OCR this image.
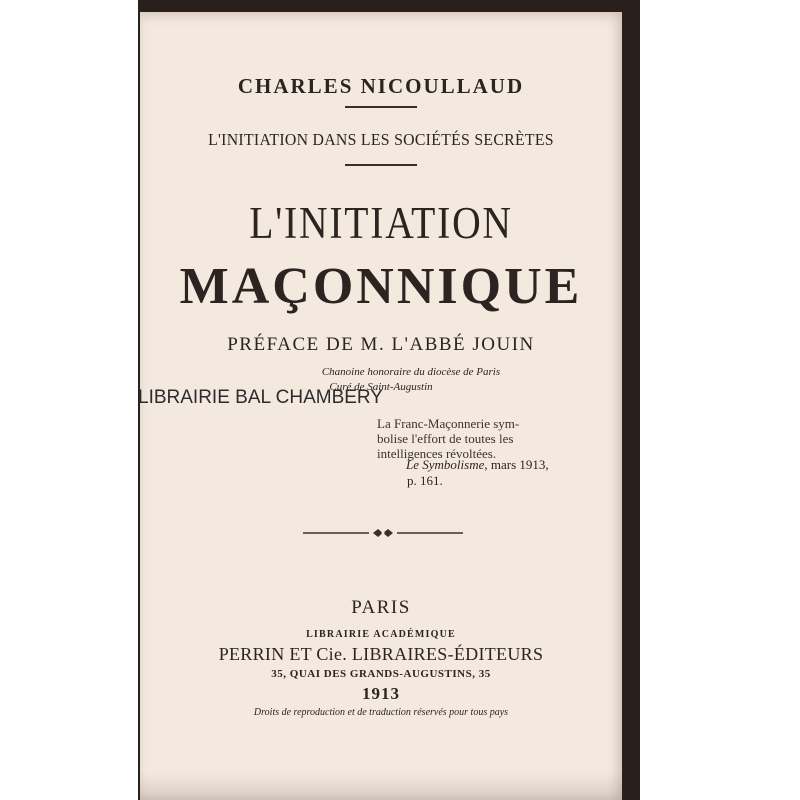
CHARLES NICOULLAUD
L'INITIATION DANS LES SOCIÉTÉS SECRÈTES
L'INITIATION
MAÇONNIQUE
PRÉFACE DE M. L'ABBÉ JOUIN
Chanoine honoraire du diocèse de Paris
Curé de Saint-Augustin
La Franc-Maçonnerie sym-
bolise l'effort de toutes les
intelligences révoltées.
Le Symbolisme, mars 1913,
p. 161.
PARIS
LIBRAIRIE ACADÉMIQUE
PERRIN ET Cie. LIBRAIRES-ÉDITEURS
35, QUAI DES GRANDS-AUGUSTINS, 35
1913
Droits de reproduction et de traduction réservés pour tous pays
LIBRAIRIE BAL CHAMBERY
